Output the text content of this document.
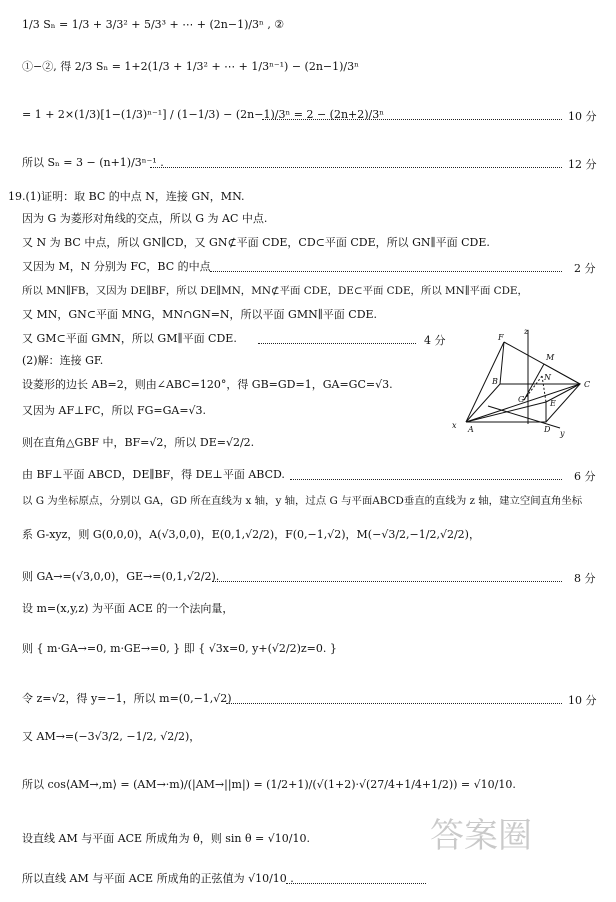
1/3 Sₙ = 1/3 + 3/3² + 5/3³ + ⋯ + (2n−1)/3ⁿ , ②
①−②, 得 2/3 Sₙ = 1+2(1/3 + 1/3² + ⋯ + 1/3ⁿ⁻¹) − (2n−1)/3ⁿ
= 1 + 2×(1/3)[1−(1/3)ⁿ⁻¹] / (1−1/3) − (2n−1)/3ⁿ = 2 − (2n+2)/3ⁿ	10 分
所以 Sₙ = 3 − (n+1)/3ⁿ⁻¹ .	12 分
19.(1)证明：取 BC 的中点 N，连接 GN，MN.
因为 G 为菱形对角线的交点，所以 G 为 AC 中点.
又 N 为 BC 中点，所以 GN∥CD，又 GN⊄平面 CDE，CD⊂平面 CDE，所以 GN∥平面 CDE.
又因为 M，N 分别为 FC，BC 的中点	2 分
所以 MN∥FB，又因为 DE∥BF，所以 DE∥MN，MN⊄平面 CDE，DE⊂平面 CDE，所以 MN∥平面 CDE，
又 MN，GN⊂平面 MNG，MN∩GN=N，所以平面 GMN∥平面 CDE.
又 GM⊂平面 GMN，所以 GM∥平面 CDE.	4 分
(2)解：连接 GF.
设菱形的边长 AB=2，则由∠ABC=120°，得 GB=GD=1，GA=GC=√3.
又因为 AF⊥FC，所以 FG=GA=√3.
则在直角△GBF 中，BF=√2，所以 DE=√2/2.
F
M
z
B	N
C
G	E
x A	D y
由 BF⊥平面 ABCD，DE∥BF，得 DE⊥平面 ABCD.	6 分
以 G 为坐标原点，分别以 GA，GD 所在直线为 x 轴，y 轴，过点 G 与平面ABCD垂直的直线为 z 轴，建立空间直角坐标
系 G-xyz，则 G(0,0,0)，A(√3,0,0)，E(0,1,√2/2)，F(0,−1,√2)，M(−√3/2,−1/2,√2/2)，
则 GA→=(√3,0,0)，GE→=(0,1,√2/2).	8 分
设 m=(x,y,z) 为平面 ACE 的一个法向量，
则 { m·GA→=0, m·GE→=0, } 即 { √3x=0, y+(√2/2)z=0. }
令 z=√2，得 y=−1，所以 m=(0,−1,√2)	10 分
又 AM→=(−3√3/2, −1/2, √2/2)，
所以 cos⟨AM→,m⟩ = (AM→·m)/(|AM→||m|) = (1/2+1)/(√(1+2)·√(27/4+1/4+1/2)) = √10/10.
设直线 AM 与平面 ACE 所成角为 θ，则 sin θ = √10/10.
所以直线 AM 与平面 ACE 所成角的正弦值为 √10/10 .
答案圈
